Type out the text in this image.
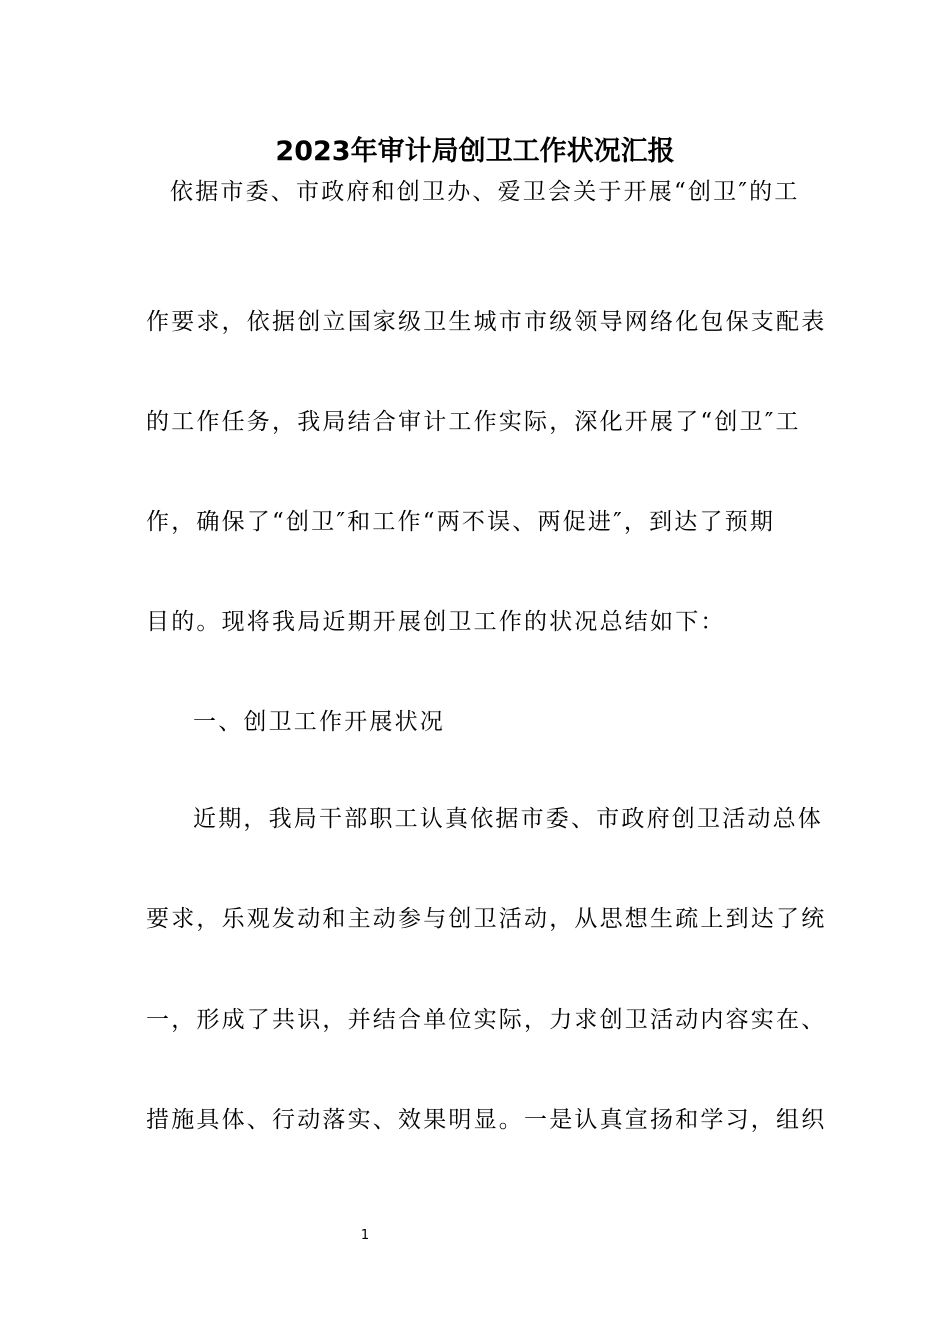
2023年审计局创卫工作状况汇报
依据市委、市政府和创卫办、爱卫会关于开展“创卫″的工
作要求，依据创立国家级卫生城市市级领导网络化包保支配表
的工作任务，我局结合审计工作实际，深化开展了“创卫″工
作，确保了“创卫″和工作“两不误、两促进″，到达了预期
目的。现将我局近期开展创卫工作的状况总结如下：
一、创卫工作开展状况
近期，我局干部职工认真依据市委、市政府创卫活动总体
要求，乐观发动和主动参与创卫活动，从思想生疏上到达了统
一，形成了共识，并结合单位实际，力求创卫活动内容实在、
措施具体、行动落实、效果明显。一是认真宣扬和学习，组织
1
